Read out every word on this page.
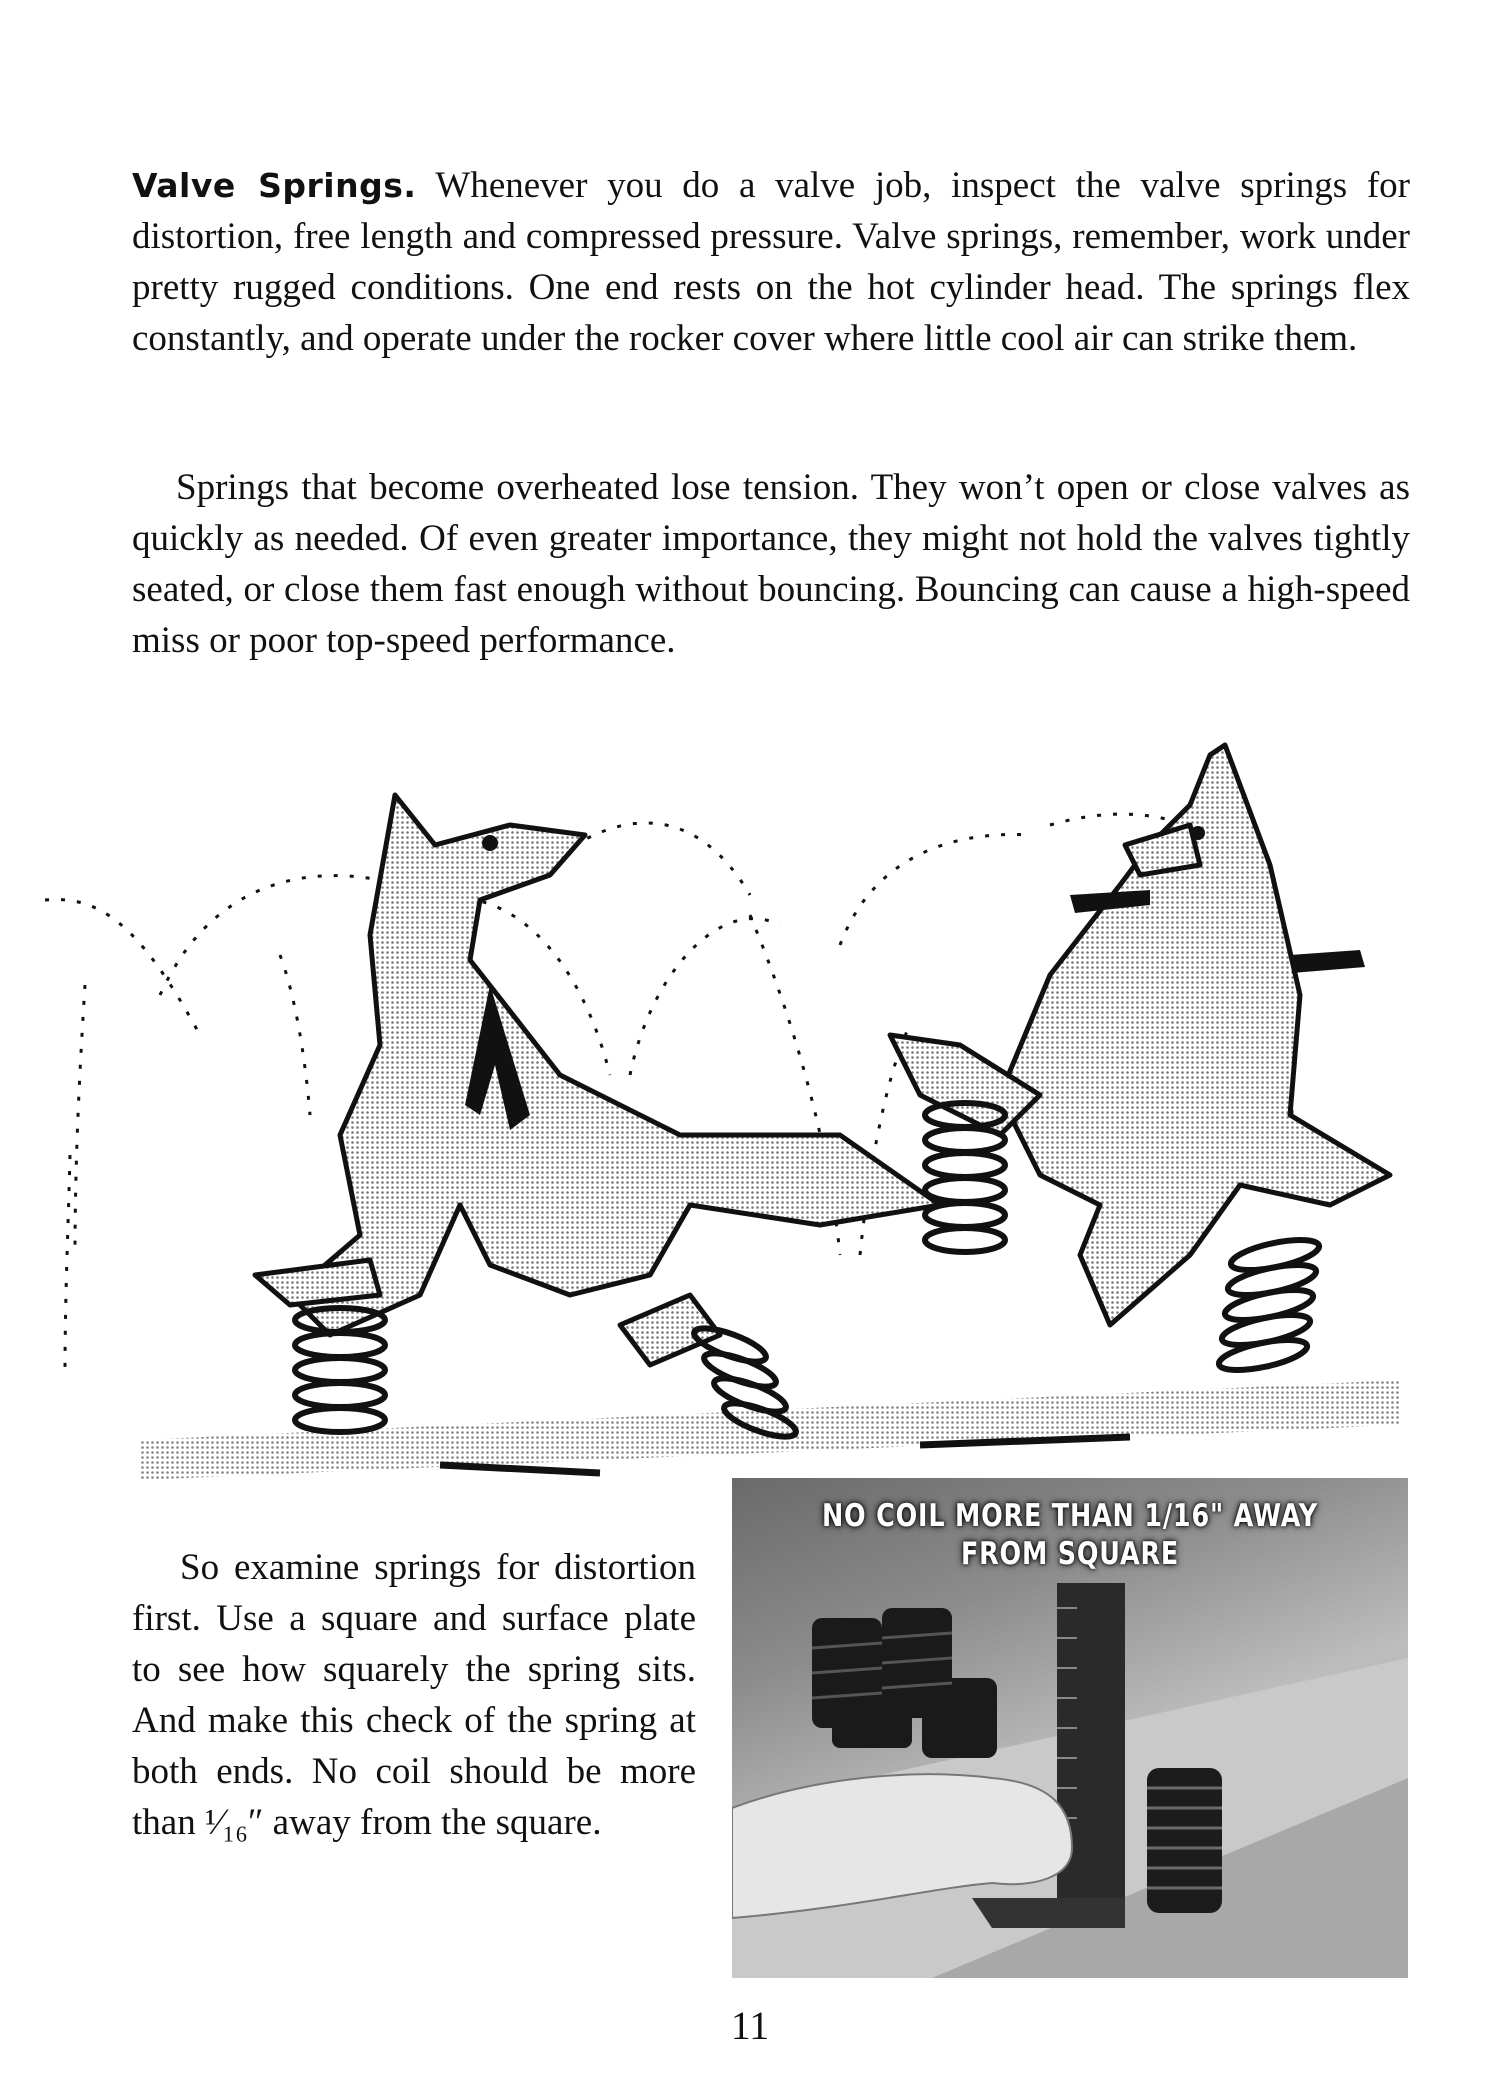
Valve Springs. Whenever you do a valve job, inspect the valve springs for distortion, free length and compressed pressure. Valve springs, remember, work under pretty rugged conditions. One end rests on the hot cylinder head. The springs flex constantly, and operate under the rocker cover where little cool air can strike them.

Springs that become overheated lose tension. They won’t open or close valves as quickly as needed. Of even greater importance, they might not hold the valves tightly seated, or close them fast enough without bouncing. Bouncing can cause a high-speed miss or poor top-speed performance.

So examine springs for distortion first. Use a square and surface plate to see how squarely the spring sits. And make this check of the spring at both ends. No coil should be more than ¹⁄₁₆″ away from the square.

NO COIL MORE THAN 1/16" AWAY
FROM SQUARE
11
